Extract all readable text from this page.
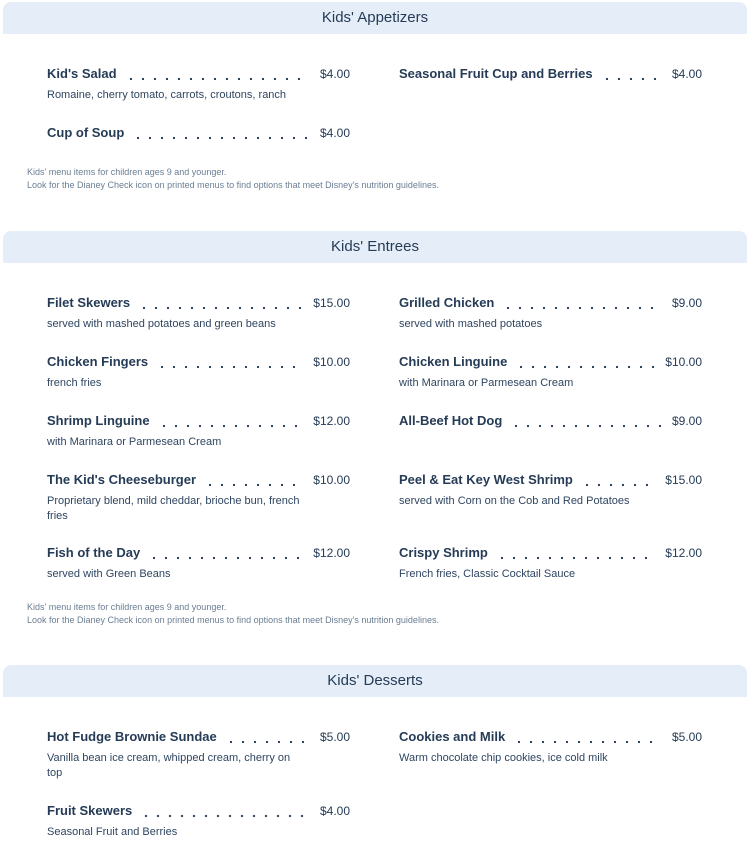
Kids' Appetizers
Kid's Salad	$4.00
Romaine, cherry tomato, carrots, croutons, ranch
Seasonal Fruit Cup and Berries	$4.00
Cup of Soup	$4.00
Kids' menu items for children ages 9 and younger.
Look for the Dianey Check icon on printed menus to find options that meet Disney's nutrition guidelines.
Kids' Entrees
Filet Skewers	$15.00
served with mashed potatoes and green beans
Grilled Chicken	$9.00
served with mashed potatoes
Chicken Fingers	$10.00
french fries
Chicken Linguine	$10.00
with Marinara or Parmesean Cream
Shrimp Linguine	$12.00
with Marinara or Parmesean Cream
All-Beef Hot Dog	$9.00
The Kid's Cheeseburger	$10.00
Proprietary blend, mild cheddar, brioche bun, french fries
Peel & Eat Key West Shrimp	$15.00
served with Corn on the Cob and Red Potatoes
Fish of the Day	$12.00
served with Green Beans
Crispy Shrimp	$12.00
French fries, Classic Cocktail Sauce
Kids' menu items for children ages 9 and younger.
Look for the Dianey Check icon on printed menus to find options that meet Disney's nutrition guidelines.
Kids' Desserts
Hot Fudge Brownie Sundae	$5.00
Vanilla bean ice cream, whipped cream, cherry on top
Cookies and Milk	$5.00
Warm chocolate chip cookies, ice cold milk
Fruit Skewers	$4.00
Seasonal Fruit and Berries
